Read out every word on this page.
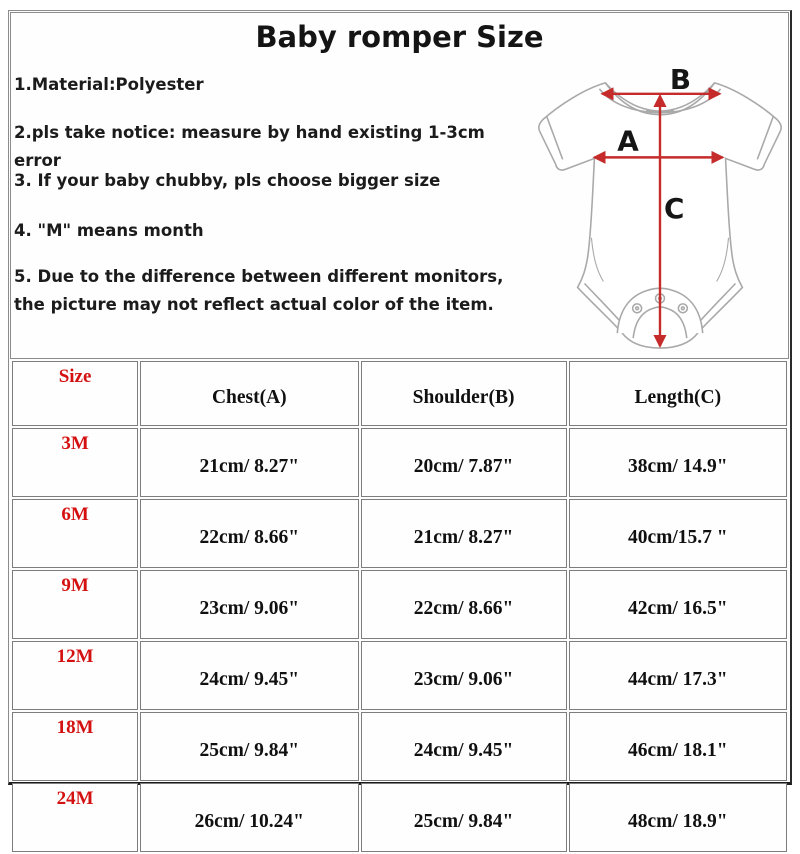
Baby romper Size
1.Material:Polyester
2.pls take notice: measure by hand existing 1-3cm error
3. If your baby chubby, pls choose bigger size
4. "M" means month
5. Due to the difference between different monitors, the picture may not reflect actual color of the item.
A
B
C
Size	Chest(A)	Shoulder(B)	Length(C)
3M	21cm/ 8.27"	20cm/ 7.87"	38cm/ 14.9"
6M	22cm/ 8.66"	21cm/ 8.27"	40cm/15.7 "
9M	23cm/ 9.06"	22cm/ 8.66"	42cm/ 16.5"
12M	24cm/ 9.45"	23cm/ 9.06"	44cm/ 17.3"
18M	25cm/ 9.84"	24cm/ 9.45"	46cm/ 18.1"
24M	26cm/ 10.24"	25cm/ 9.84"	48cm/ 18.9"
